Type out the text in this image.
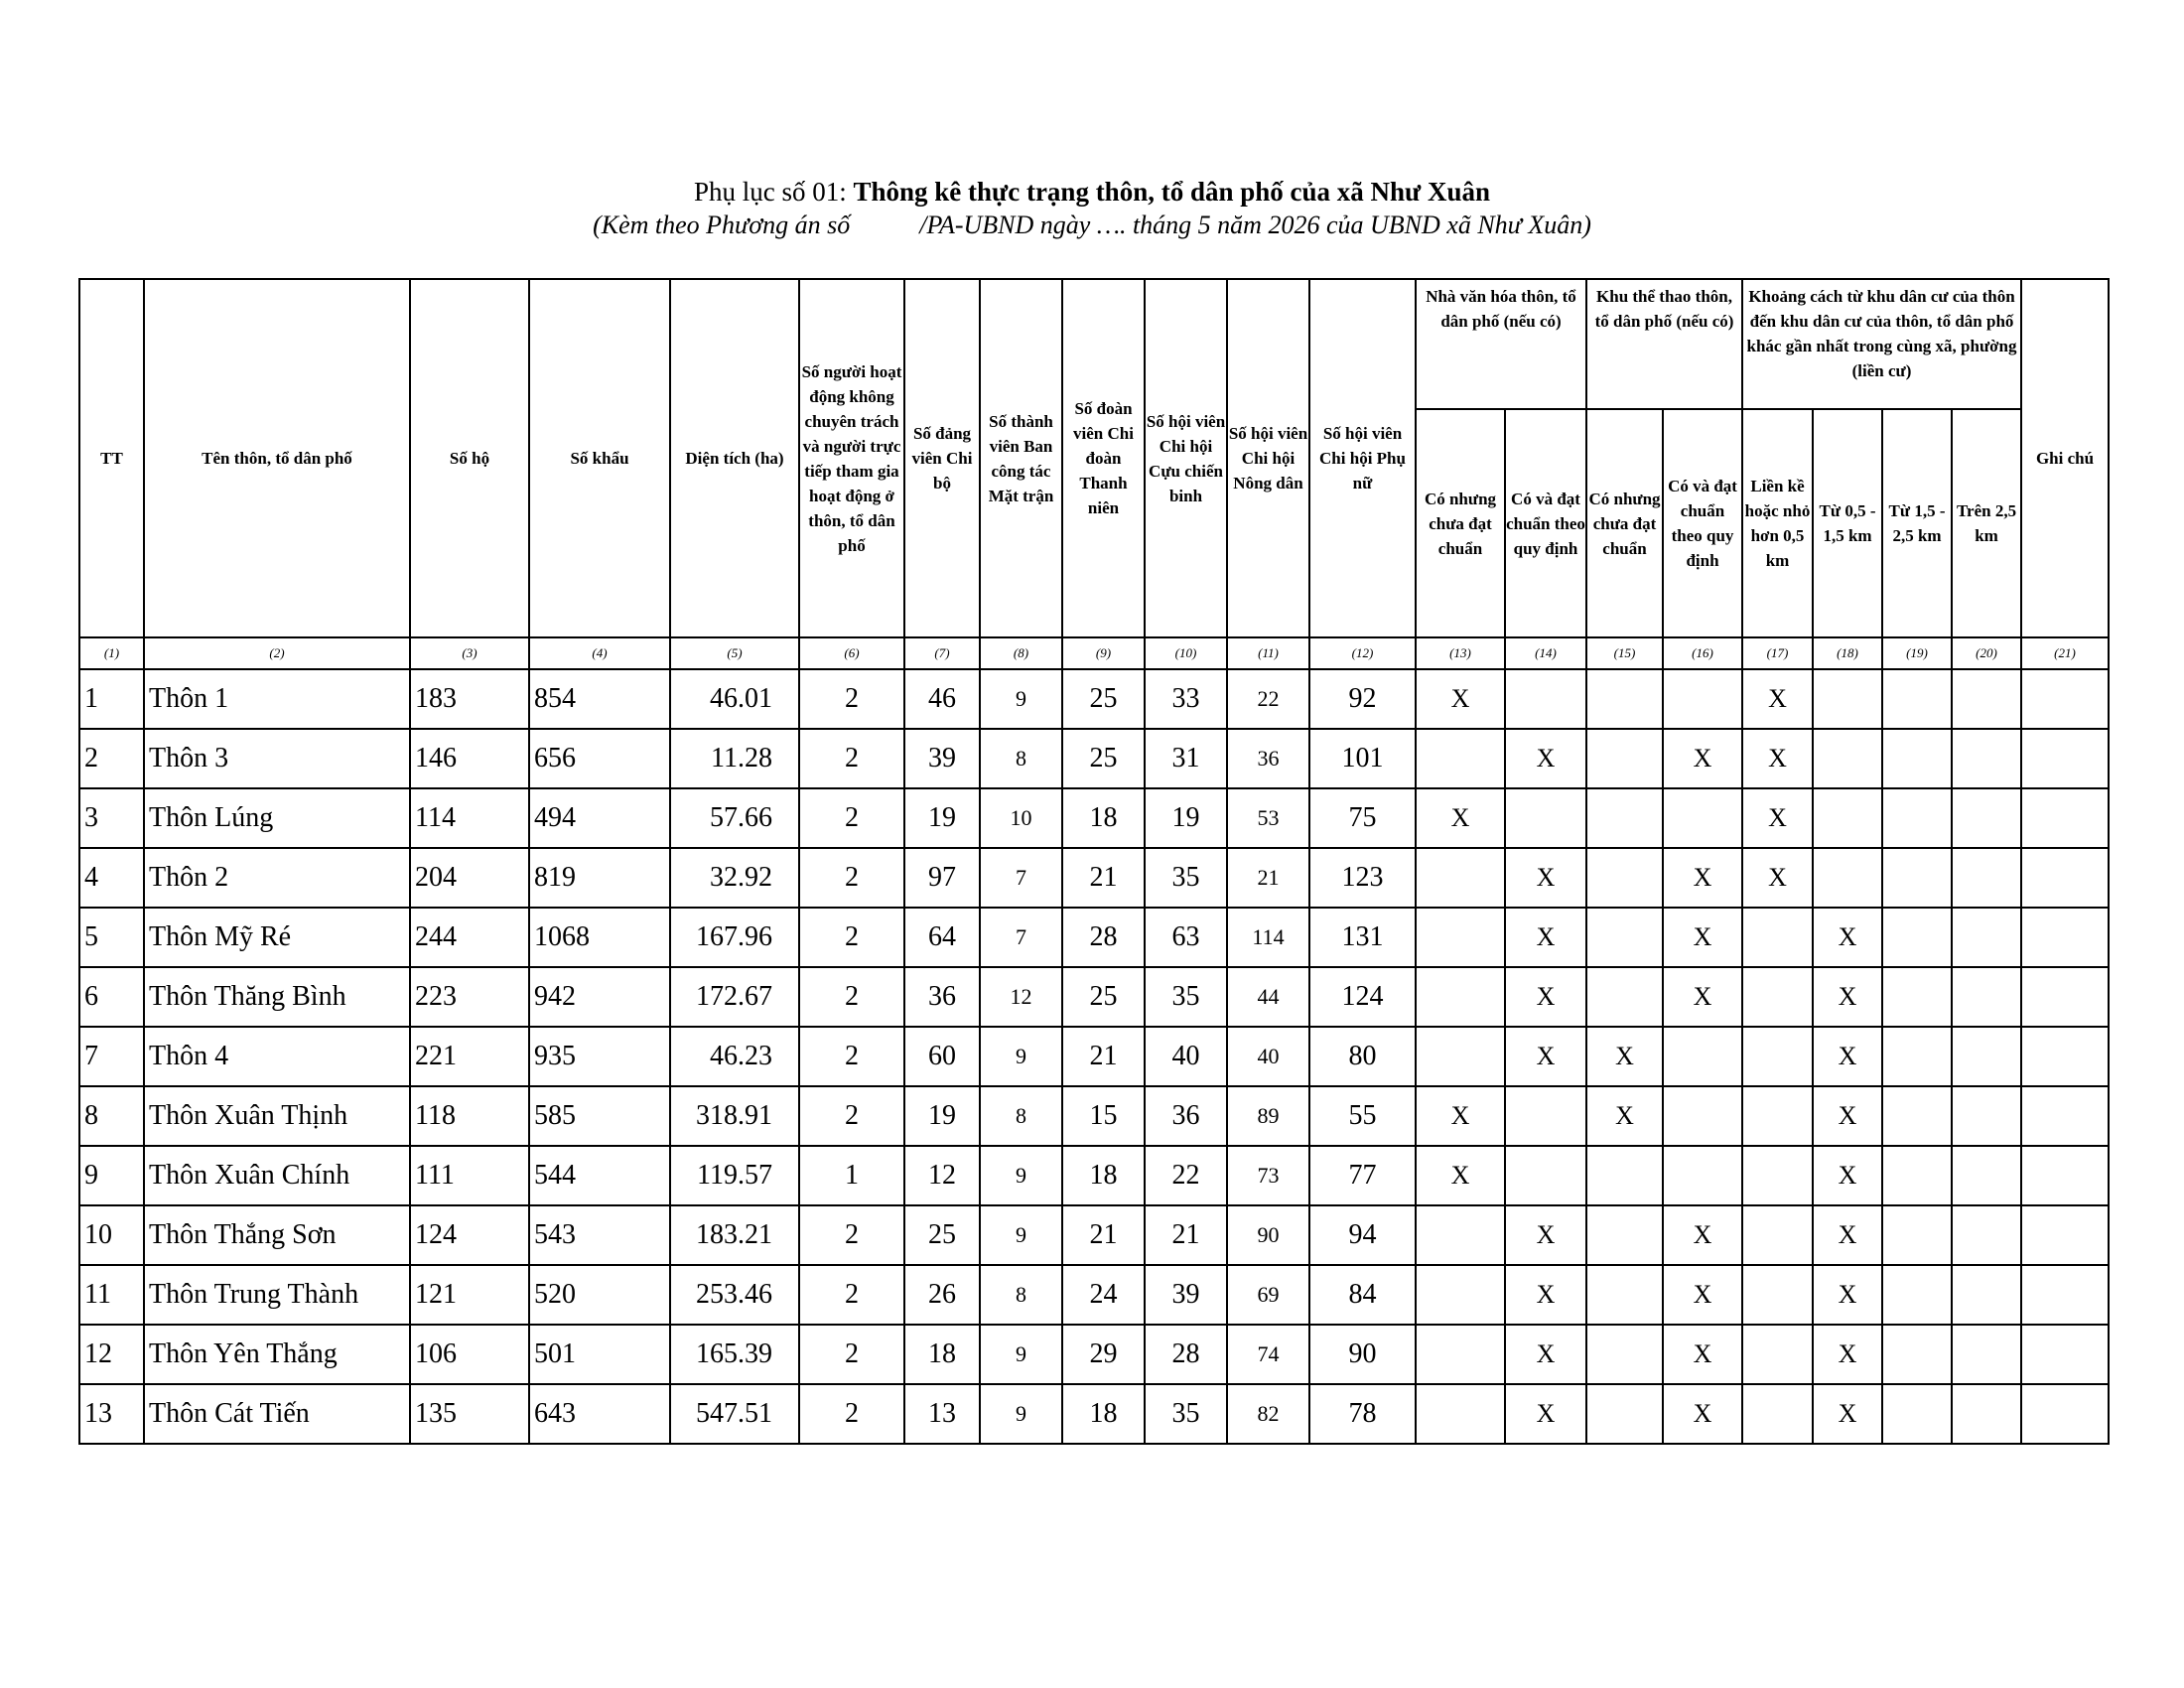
Phụ lục số 01: Thông kê thực trạng thôn, tổ dân phố của xã Như Xuân
(Kèm theo Phương án số	/PA-UBND ngày …. tháng 5 năm 2026 của UBND xã Như Xuân)
TT	Tên thôn, tổ dân phố	Số hộ	Số khẩu	Diện tích (ha)	Số người hoạt động không chuyên trách và người trực tiếp tham gia hoạt động ở thôn, tổ dân phố	Số đảng viên Chi bộ	Số thành viên Ban công tác Mặt trận	Số đoàn viên Chi đoàn Thanh niên	Số hội viên Chi hội Cựu chiến binh	Số hội viên Chi hội Nông dân	Số hội viên Chi hội Phụ nữ	Nhà văn hóa thôn, tổ dân phố (nếu có)		Khu thể thao thôn, tổ dân phố (nếu có)		Khoảng cách từ khu dân cư của thôn đến khu dân cư của thôn, tổ dân phố khác gần nhất trong cùng xã, phường (liền cư)				Ghi chú
												Có nhưng chưa đạt chuẩn	Có và đạt chuẩn theo quy định	Có nhưng chưa đạt chuẩn	Có và đạt chuẩn theo quy định	Liền kề hoặc nhỏ hơn 0,5 km	Từ 0,5 - 1,5 km	Từ 1,5 - 2,5 km	Trên 2,5 km	
(1)	(2)	(3)	(4)	(5)	(6)	(7)	(8)	(9)	(10)	(11)	(12)	(13)	(14)	(15)	(16)	(17)	(18)	(19)	(20)	(21)
1	Thôn 1	183	854	46.01	2	46	9	25	33	22	92	X				X				
2	Thôn 3	146	656	11.28	2	39	8	25	31	36	101		X		X	X				
3	Thôn Lúng	114	494	57.66	2	19	10	18	19	53	75	X				X				
4	Thôn 2	204	819	32.92	2	97	7	21	35	21	123		X		X	X				
5	Thôn Mỹ Ré	244	1068	167.96	2	64	7	28	63	114	131		X		X		X			
6	Thôn Thăng Bình	223	942	172.67	2	36	12	25	35	44	124		X		X		X			
7	Thôn 4	221	935	46.23	2	60	9	21	40	40	80		X	X			X			
8	Thôn Xuân Thịnh	118	585	318.91	2	19	8	15	36	89	55	X		X			X			
9	Thôn Xuân Chính	111	544	119.57	1	12	9	18	22	73	77	X					X			
10	Thôn Thắng Sơn	124	543	183.21	2	25	9	21	21	90	94		X		X		X			
11	Thôn Trung Thành	121	520	253.46	2	26	8	24	39	69	84		X		X		X			
12	Thôn Yên Thắng	106	501	165.39	2	18	9	29	28	74	90		X		X		X			
13	Thôn Cát Tiến	135	643	547.51	2	13	9	18	35	82	78		X		X		X			
